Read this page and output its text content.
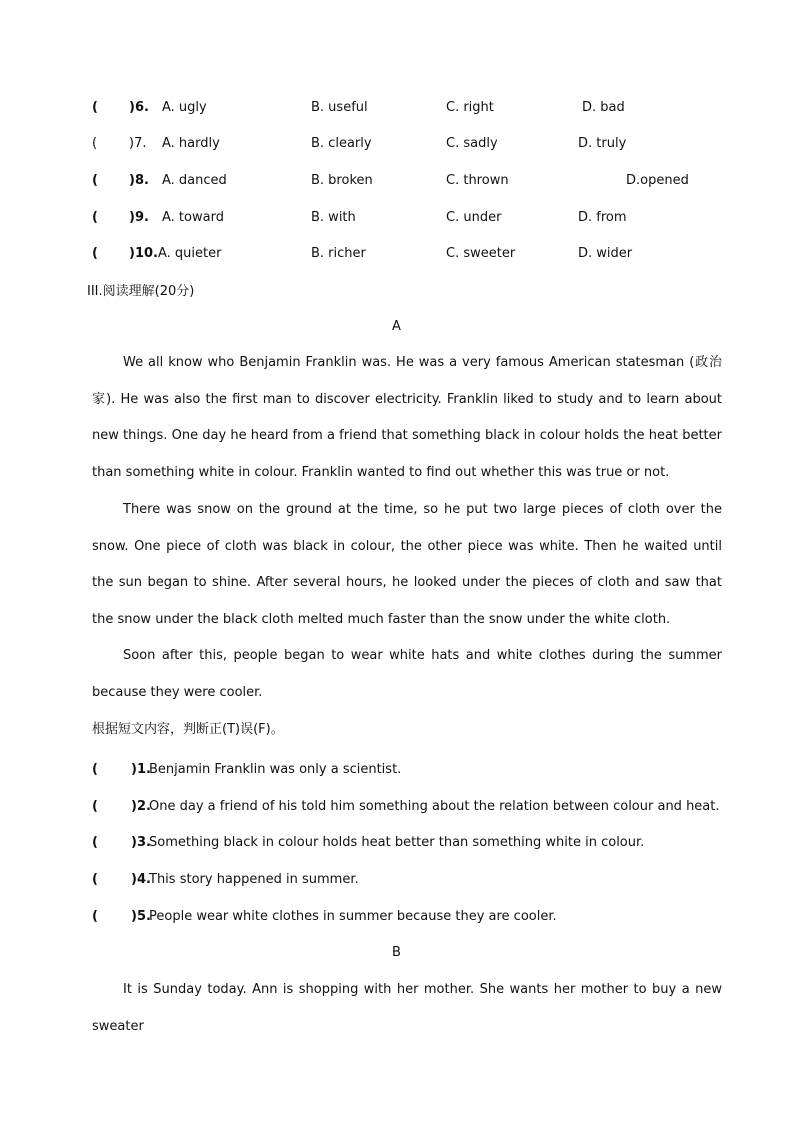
( )6. A. ugly	B. useful	C. right	D. bad
( )7. A. hardly	B. clearly	C. sadly	D. truly
( )8. A. danced	B. broken	C. thrown	D.opened
( )9. A. toward	B. with	C. under	D. from
( )10. A. quieter	B. richer	C. sweeter	D. wider
III.阅读理解(20分)
A

We all know who Benjamin Franklin was. He was a very famous American statesman (政治家). He was also the first man to discover electricity. Franklin liked to study and to learn about new things. One day he heard from a friend that something black in colour holds the heat better than something white in colour. Franklin wanted to find out whether this was true or not.

There was snow on the ground at the time, so he put two large pieces of cloth over the snow. One piece of cloth was black in colour, the other piece was white. Then he waited until the sun began to shine. After several hours, he looked under the pieces of cloth and saw that the snow under the black cloth melted much faster than the snow under the white cloth.

Soon after this, people began to wear white hats and white clothes during the summer because they were cooler.

根据短文内容，判断正(T)误(F)。
(	)1.
Benjamin Franklin was only a scientist.
(	)2.
One day a friend of his told him something about the relation between colour and heat.
(	)3.
Something black in colour holds heat better than something white in colour.
(	)4.
This story happened in summer.
(	)5.
People wear white clothes in summer because they are cooler.
B

It is Sunday today. Ann is shopping with her mother. She wants her mother to buy a new sweater
